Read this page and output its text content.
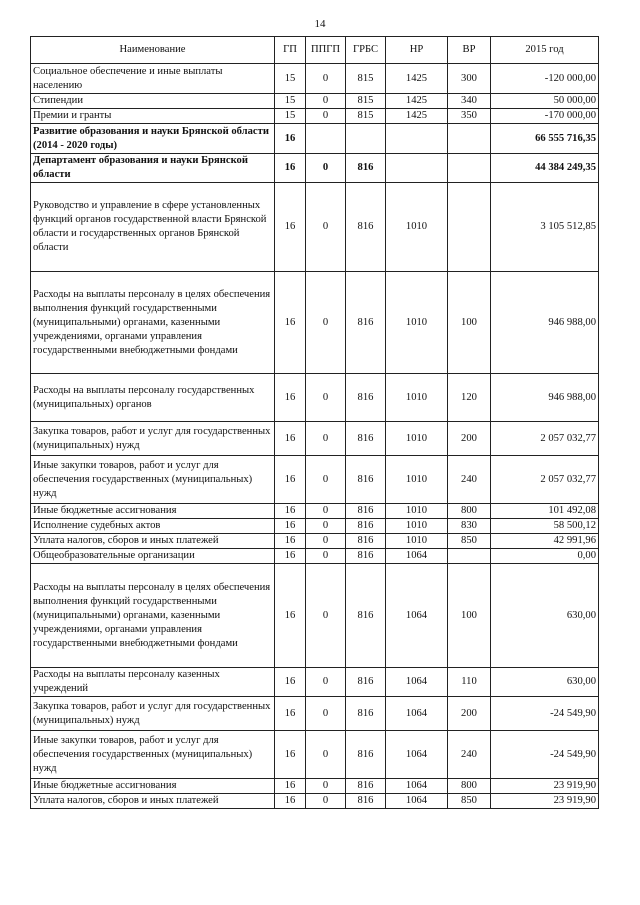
14
Наименование	ГП	ППГП	ГРБС	НР	ВР	2015 год
Социальное обеспечение и иные выплаты населению	15	0	815	1425	300	-120 000,00
Стипендии	15	0	815	1425	340	50 000,00
Премии и гранты	15	0	815	1425	350	-170 000,00
Развитие образования и науки Брянской области (2014 - 2020 годы)	16					66 555 716,35
Департамент образования и науки Брянской области	16	0	816			44 384 249,35
Руководство и управление в сфере установленных функций органов государственной власти Брянской области и государственных органов Брянской области	16	0	816	1010		3 105 512,85
Расходы на выплаты персоналу в целях обеспечения выполнения функций государственными (муниципальными) органами, казенными учреждениями, органами управления государственными внебюджетными фондами	16	0	816	1010	100	946 988,00
Расходы на выплаты персоналу государственных (муниципальных) органов	16	0	816	1010	120	946 988,00
Закупка товаров, работ и услуг для государственных (муниципальных) нужд	16	0	816	1010	200	2 057 032,77
Иные закупки товаров, работ и услуг для обеспечения государственных (муниципальных) нужд	16	0	816	1010	240	2 057 032,77
Иные бюджетные ассигнования	16	0	816	1010	800	101 492,08
Исполнение судебных актов	16	0	816	1010	830	58 500,12
Уплата налогов, сборов и иных платежей	16	0	816	1010	850	42 991,96
Общеобразовательные организации	16	0	816	1064		0,00
Расходы на выплаты персоналу в целях обеспечения выполнения функций государственными (муниципальными) органами, казенными учреждениями, органами управления государственными внебюджетными фондами	16	0	816	1064	100	630,00
Расходы на выплаты персоналу казенных учреждений	16	0	816	1064	110	630,00
Закупка товаров, работ и услуг для государственных (муниципальных) нужд	16	0	816	1064	200	-24 549,90
Иные закупки товаров, работ и услуг для обеспечения государственных (муниципальных) нужд	16	0	816	1064	240	-24 549,90
Иные бюджетные ассигнования	16	0	816	1064	800	23 919,90
Уплата налогов, сборов и иных платежей	16	0	816	1064	850	23 919,90
